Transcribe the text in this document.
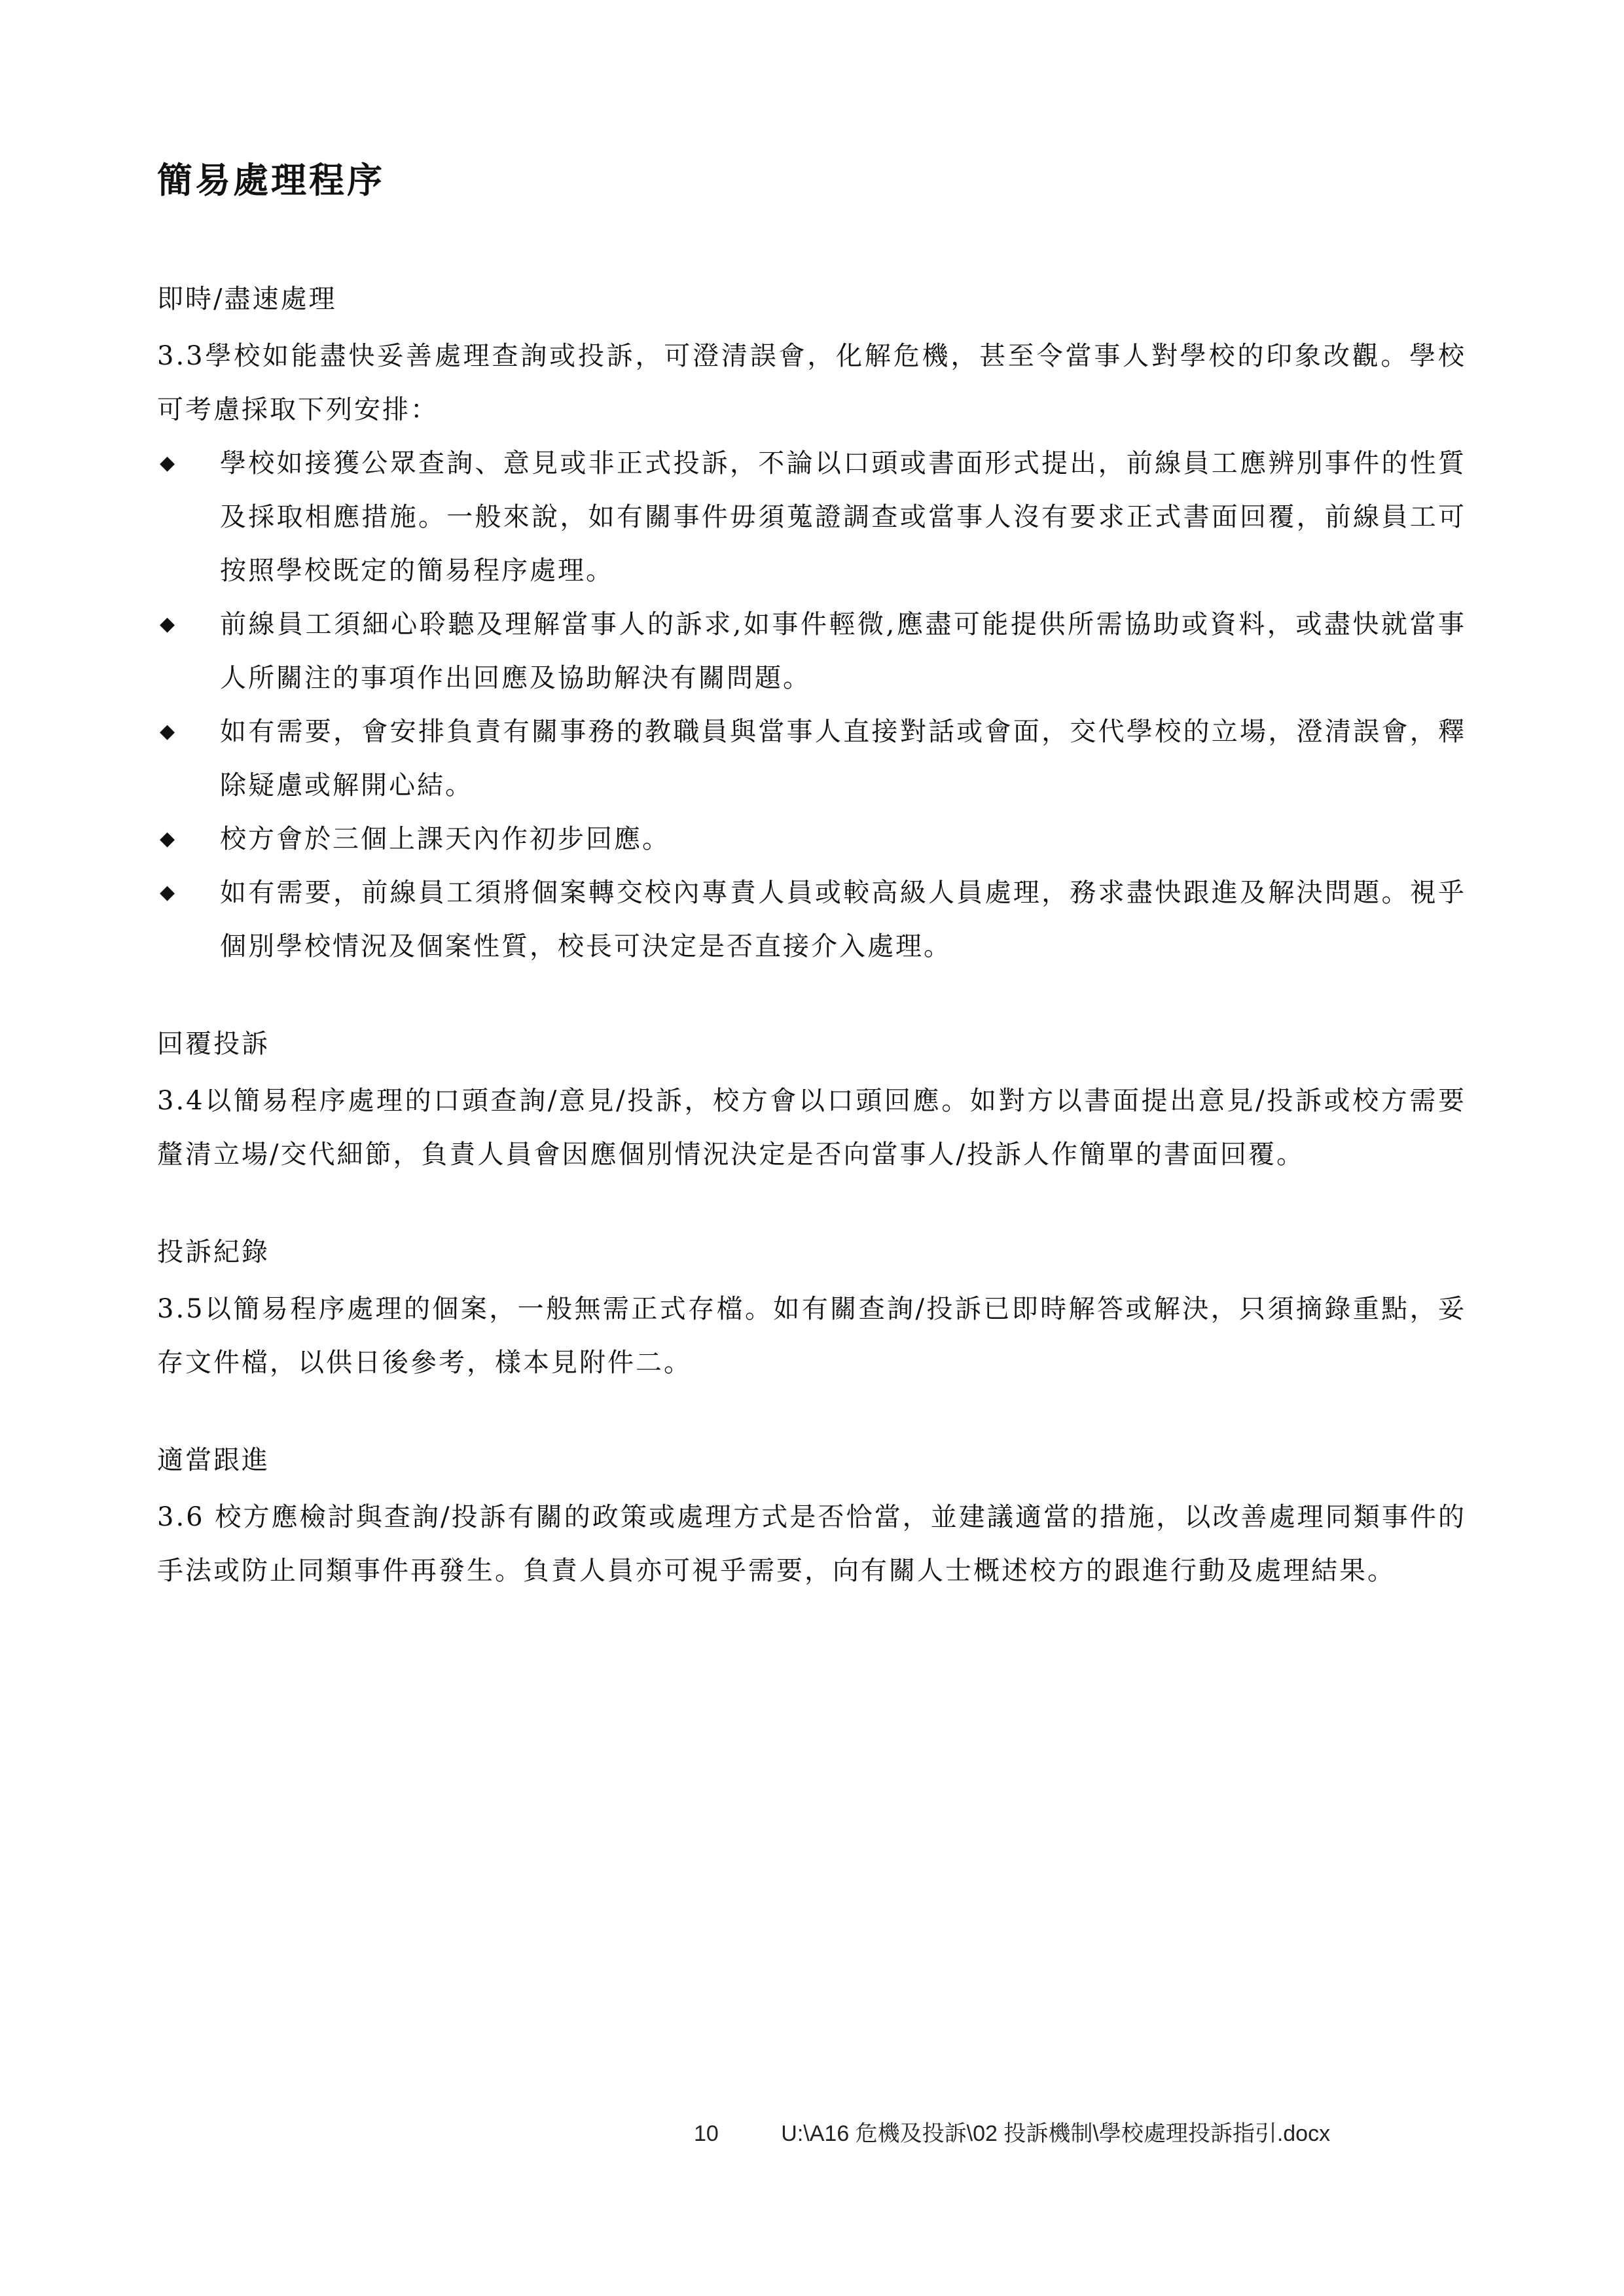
簡易處理程序
即時/盡速處理

3.3學校如能盡快妥善處理查詢或投訴，可澄清誤會，化解危機，甚至令當事人對學校的印象改觀。學校可考慮採取下列安排：

◆ 學校如接獲公眾查詢、意見或非正式投訴，不論以口頭或書面形式提出，前線員工應辨別事件的性質及採取相應措施。一般來說，如有關事件毋須蒐證調查或當事人沒有要求正式書面回覆，前線員工可按照學校既定的簡易程序處理。
◆ 前線員工須細心聆聽及理解當事人的訴求,如事件輕微,應盡可能提供所需協助或資料，或盡快就當事人所關注的事項作出回應及協助解決有關問題。
◆ 如有需要，會安排負責有關事務的教職員與當事人直接對話或會面，交代學校的立場，澄清誤會，釋除疑慮或解開心結。
◆ 校方會於三個上課天內作初步回應。
◆ 如有需要，前線員工須將個案轉交校內專責人員或較高級人員處理，務求盡快跟進及解決問題。視乎個別學校情況及個案性質，校長可決定是否直接介入處理。
回覆投訴

3.4以簡易程序處理的口頭查詢/意見/投訴，校方會以口頭回應。如對方以書面提出意見/投訴或校方需要釐清立場/交代細節，負責人員會因應個別情況決定是否向當事人/投訴人作簡單的書面回覆。

投訴紀錄

3.5以簡易程序處理的個案，一般無需正式存檔。如有關查詢/投訴已即時解答或解決，只須摘錄重點，妥存文件檔，以供日後參考，樣本見附件二。

適當跟進

3.6 校方應檢討與查詢/投訴有關的政策或處理方式是否恰當，並建議適當的措施，以改善處理同類事件的手法或防止同類事件再發生。負責人員亦可視乎需要，向有關人士概述校方的跟進行動及處理結果。

10	U:\A16 危機及投訴\02 投訴機制\學校處理投訴指引.docx
